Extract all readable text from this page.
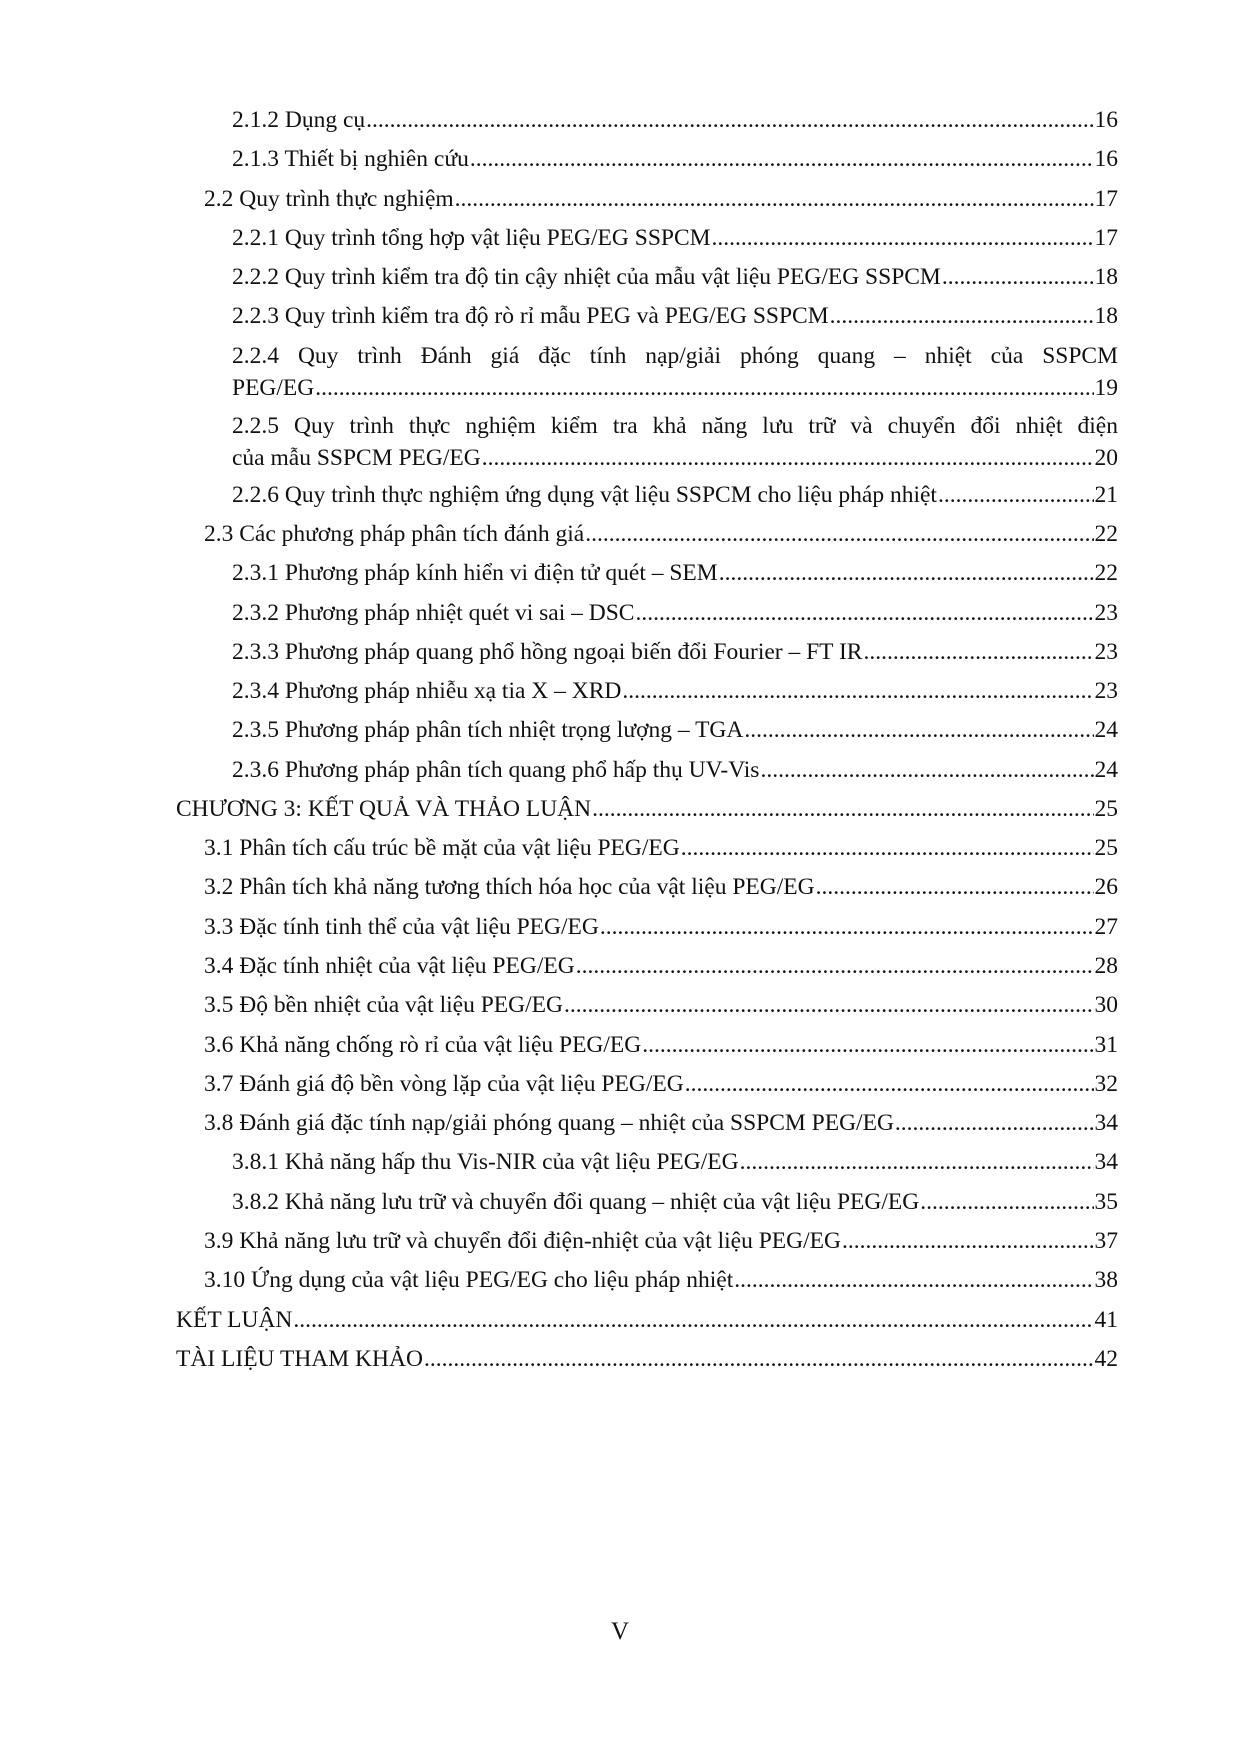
2.1.2 Dụng cụ .....	16
2.1.3 Thiết bị nghiên cứu .....	16
2.2 Quy trình thực nghiệm .....	17
2.2.1 Quy trình tổng hợp vật liệu PEG/EG SSPCM .....	17
2.2.2 Quy trình kiểm tra độ tin cậy nhiệt của mẫu vật liệu PEG/EG SSPCM .....	18
2.2.3 Quy trình kiểm tra độ rò rỉ mẫu PEG và PEG/EG SSPCM .....	18
2.2.4 Quy trình Đánh giá đặc tính nạp/giải phóng quang – nhiệt của SSPCM
PEG/EG .....	19
2.2.5 Quy trình thực nghiệm kiểm tra khả năng lưu trữ và chuyển đổi nhiệt điện
của mẫu SSPCM PEG/EG .....	20
2.2.6 Quy trình thực nghiệm ứng dụng vật liệu SSPCM cho liệu pháp nhiệt .....	21
2.3 Các phương pháp phân tích đánh giá .....	22
2.3.1 Phương pháp kính hiển vi điện tử quét – SEM .....	22
2.3.2 Phương pháp nhiệt quét vi sai – DSC .....	23
2.3.3 Phương pháp quang phổ hồng ngoại biến đổi Fourier – FT IR .....	23
2.3.4 Phương pháp nhiễu xạ tia X – XRD .....	23
2.3.5 Phương pháp phân tích nhiệt trọng lượng – TGA .....	24
2.3.6 Phương pháp phân tích quang phổ hấp thụ UV-Vis .....	24
CHƯƠNG 3: KẾT QUẢ VÀ THẢO LUẬN .....	25
3.1 Phân tích cấu trúc bề mặt của vật liệu PEG/EG .....	25
3.2 Phân tích khả năng tương thích hóa học của vật liệu PEG/EG .....	26
3.3 Đặc tính tinh thể của vật liệu PEG/EG .....	27
3.4 Đặc tính nhiệt của vật liệu PEG/EG .....	28
3.5 Độ bền nhiệt của vật liệu PEG/EG .....	30
3.6 Khả năng chống rò rỉ của vật liệu PEG/EG .....	31
3.7 Đánh giá độ bền vòng lặp của vật liệu PEG/EG .....	32
3.8 Đánh giá đặc tính nạp/giải phóng quang – nhiệt của SSPCM PEG/EG .....	34
3.8.1 Khả năng hấp thu Vis-NIR của vật liệu PEG/EG .....	34
3.8.2 Khả năng lưu trữ và chuyển đổi quang – nhiệt của vật liệu PEG/EG .....	35
3.9 Khả năng lưu trữ và chuyển đổi điện-nhiệt của vật liệu PEG/EG .....	37
3.10 Ứng dụng của vật liệu PEG/EG cho liệu pháp nhiệt .....	38
KẾT LUẬN .....	41
TÀI LIỆU THAM KHẢO .....	42
V
